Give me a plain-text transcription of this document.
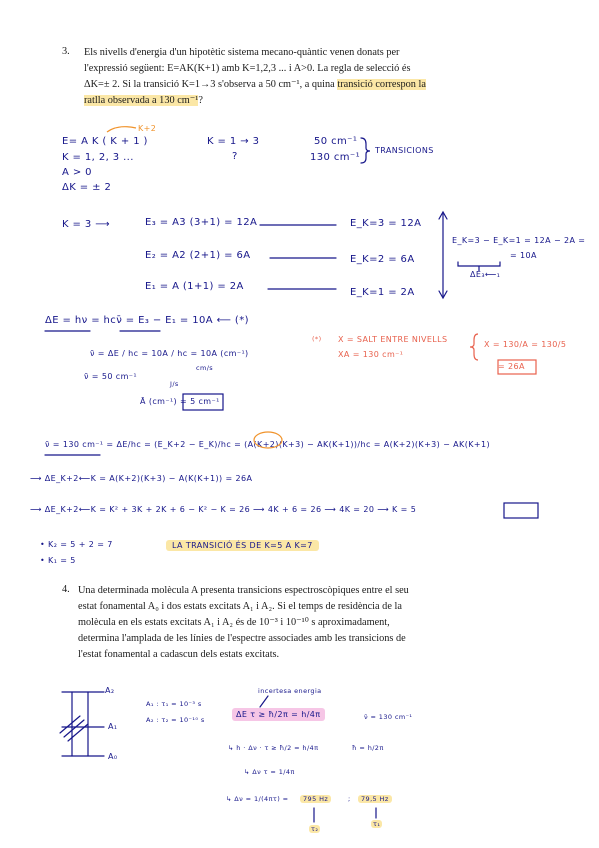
3. Els nivells d'energia d'un hipotètic sistema mecano-quàntic venen donats per
l'expressió següent: E=AK(K+1) amb K=1,2,3 ... i A>0. La regla de selecció és
ΔK=± 2. Si la transició K=1→3 s'observa a 50 cm⁻¹, a quina transició correspon la
ratlla observada a 130 cm⁻¹?
E= A K ( K + 1 )
K+2
K = 1, 2, 3 ...
A > 0
ΔK = ± 2
K = 1 → 3
?
50 cm⁻¹
130 cm⁻¹
TRANSICIONS
K = 3 ⟶	E₃ = A3 (3+1) = 12A
E₂ = A2 (2+1) = 6A
E₁ = A (1+1) = 2A
E_K=3 = 12A
E_K=2 = 6A
E_K=1 = 2A
E_K=3 − E_K=1 = 12A − 2A =
= 10A
ΔE₃⟵₁
ΔE = hν = hcν̄ = E₃ − E₁ = 10A ⟵ (*)
ν̄ = ΔE / hc = 10A / hc = 10A (cm⁻¹)
cm/s
J/s
ν̄ = 50 cm⁻¹
Ā (cm⁻¹) = 5 cm⁻¹
(*) X = SALT ENTRE NIVELLS
XA = 130 cm⁻¹
X = 130/A = 130/5
= 26A
ν̄ = 130 cm⁻¹ = ΔE/hc = (E_K+2 − E_K)/hc = (A(K+2)(K+3) − AK(K+1))/hc = A(K+2)(K+3) − AK(K+1)
⟶ ΔE_K+2⟵K = A(K+2)(K+3) − A(K(K+1)) = 26A
⟶ ΔE_K+2⟵K = K² + 3K + 2K + 6 − K² − K = 26 ⟶ 4K + 6 = 26 ⟶ 4K = 20 ⟶ K = 5
• K₂ = 5 + 2 = 7
• K₁ = 5
LA TRANSICIÓ ÉS DE K=5 A K=7
4. Una determinada molècula A presenta transicions espectroscòpiques entre el seu
estat fonamental A₀ i dos estats excitats A₁ i A₂. Si el temps de residència de la
molècula en els estats excitats A₁ i A₂ és de 10⁻³ i 10⁻¹⁰ s aproximadament,
determina l'amplada de les línies de l'espectre associades amb les transicions de
l'estat fonamental a cadascun dels estats excitats.
A₂
A₁
A₀
A₁ : τ₁ = 10⁻³ s
A₂ : τ₂ = 10⁻¹⁰ s
incertesa energia
ΔE τ ≥ ħ/2π = h/4π	ν̄ = 130 cm⁻¹
ħ = h/2π
↳ h · Δν · τ ≥ ħ/2 = h/4π
↳ Δν τ = 1/4π
↳ Δν = 1/(4πτ) =	795 Hz	;	79,5 Hz
τ₂
τ₁
